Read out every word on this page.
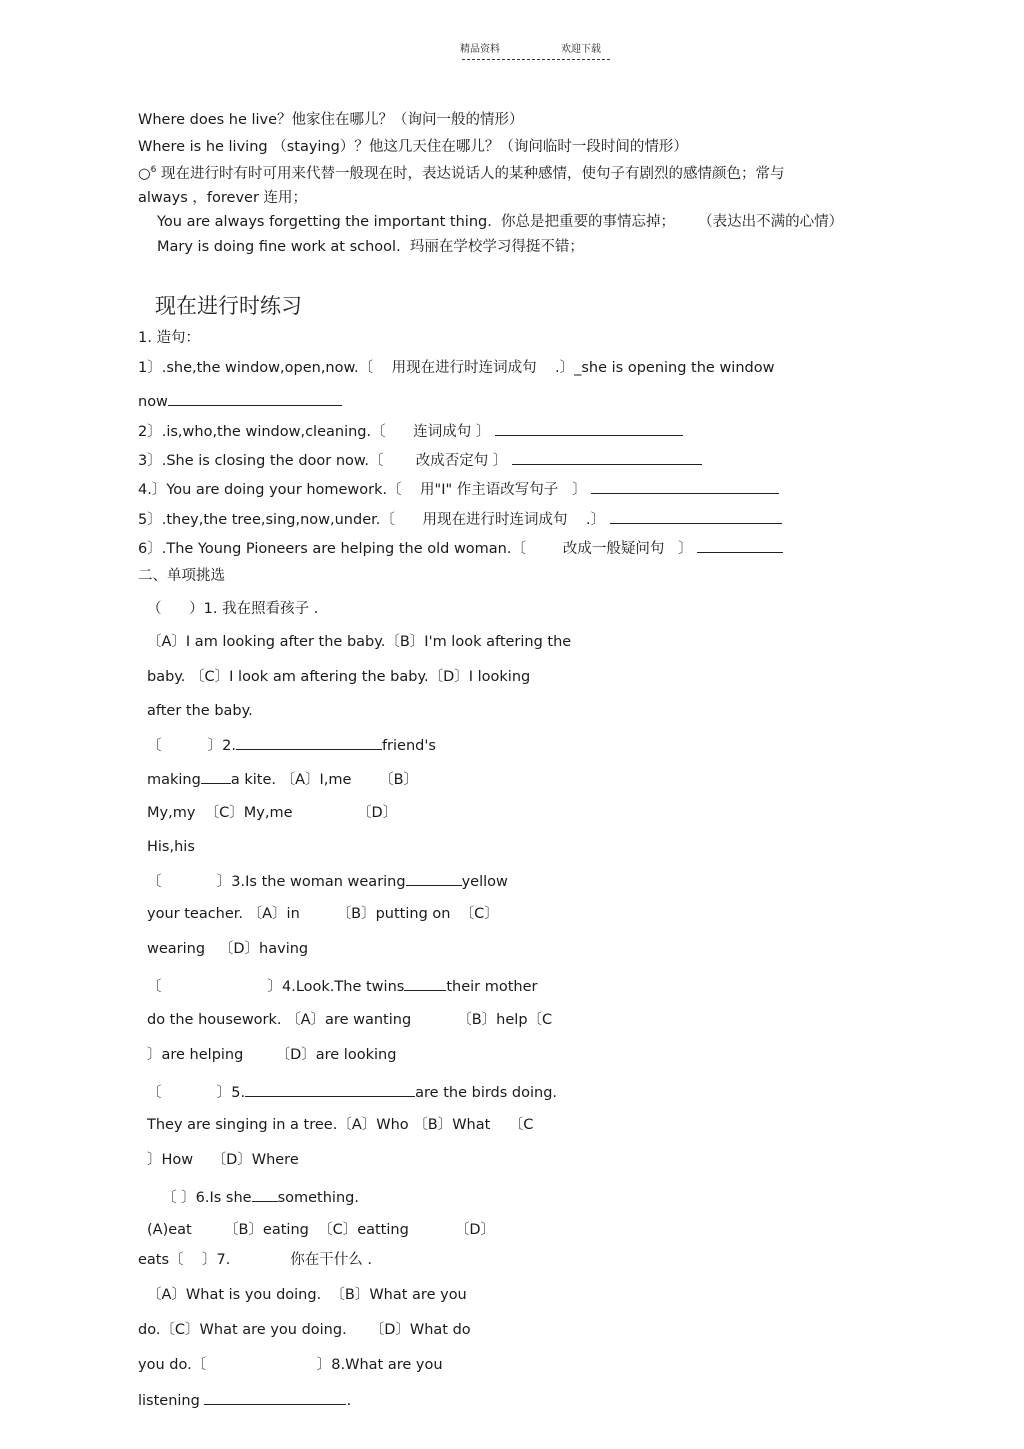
精品资料	欢迎下载
Where does he live？他家住在哪儿？（询问一般的情形）
Where is he living （staying）？他这几天住在哪儿？（询问临时一段时间的情形）
○$^6$ 现在进行时有时可用来代替一般现在时，表达说话人的某种感情，使句子有剧烈的感情颜色；常与
always ，forever 连用；
You are always forgetting the important thing.  你总是把重要的事情忘掉；     （表达出不满的心情）
Mary is doing fine work at school.  玛丽在学校学习得挺不错；
现在进行时练习
1. 造句：
1〕.she,the window,open,now.〔    用现在进行时连词成句    .〕_she is opening the window
now
2〕.is,who,the window,cleaning.〔      连词成句 〕
3〕.She is closing the door now.〔       改成否定句 〕
4.〕You are doing your homework.〔    用"I" 作主语改写句子   〕
5〕.they,the tree,sing,now,under.〔      用现在进行时连词成句    .〕
6〕.The Young Pioneers are helping the old woman.〔        改成一般疑问句   〕
二、单项挑选
（      ）1. 我在照看孩子 .
〔A〕I am looking after the baby.〔B〕I'm look aftering the
baby. 〔C〕I look am aftering the baby.〔D〕I looking
after the baby.
〔          〕2.	friend's
making a kite. 〔A〕I,me      〔B〕
My,my  〔C〕My,me              〔D〕
His,his
〔            〕3.Is the woman wearing	yellow
your teacher. 〔A〕in        〔B〕putting on  〔C〕
wearing   〔D〕having
〔                       〕4.Look.The twins	their mother
do the housework. 〔A〕are wanting          〔B〕help〔C
〕are helping       〔D〕are looking
〔            〕5.	are the birds doing.
They are singing in a tree.〔A〕Who 〔B〕What    〔C
〕How    〔D〕Where
〔 〕6.Is she something.
(A)eat       〔B〕eating  〔C〕eatting          〔D〕
eats〔    〕7.             你在干什么 .
〔A〕What is you doing.  〔B〕What are you
do.〔C〕What are you doing.     〔D〕What do
you do.〔                        〕8.What are you
listening	.
